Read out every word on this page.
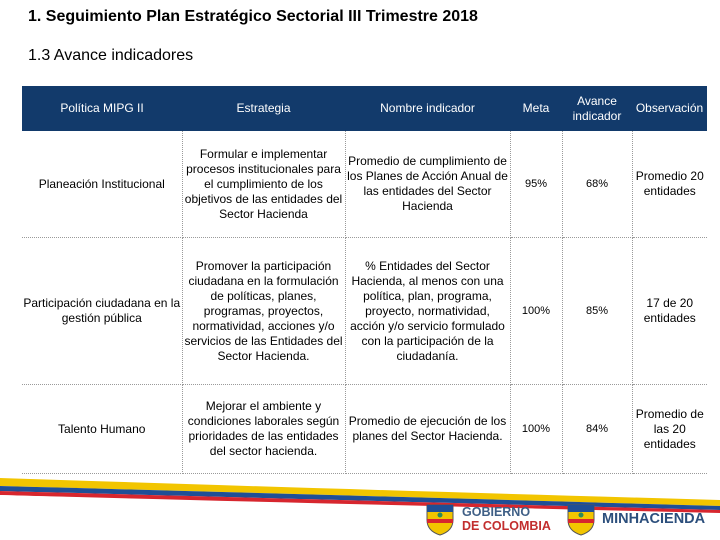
1. Seguimiento Plan Estratégico Sectorial III Trimestre 2018
1.3 Avance indicadores
Política MIPG II	Estrategia	Nombre indicador	Meta	Avance indicador	Observación
Planeación Institucional	Formular e implementar procesos institucionales para el cumplimiento de los objetivos de las entidades del Sector Hacienda	Promedio de cumplimiento de los Planes de Acción Anual de las entidades del Sector Hacienda	95%	68%	Promedio 20 entidades
Participación ciudadana en la gestión pública	Promover la participación ciudadana en la formulación de políticas, planes, programas, proyectos, normatividad, acciones y/o servicios de las Entidades del Sector Hacienda.	% Entidades del Sector Hacienda, al menos con una política, plan, programa, proyecto, normatividad, acción y/o servicio formulado con la participación de la ciudadanía.	100%	85%	17 de 20 entidades
Talento Humano	Mejorar el ambiente y condiciones laborales según prioridades de las entidades del sector hacienda.	Promedio de ejecución de los planes del Sector Hacienda.	100%	84%	Promedio de las 20 entidades
GOBIERNO
DE COLOMBIA	MINHACIENDA
